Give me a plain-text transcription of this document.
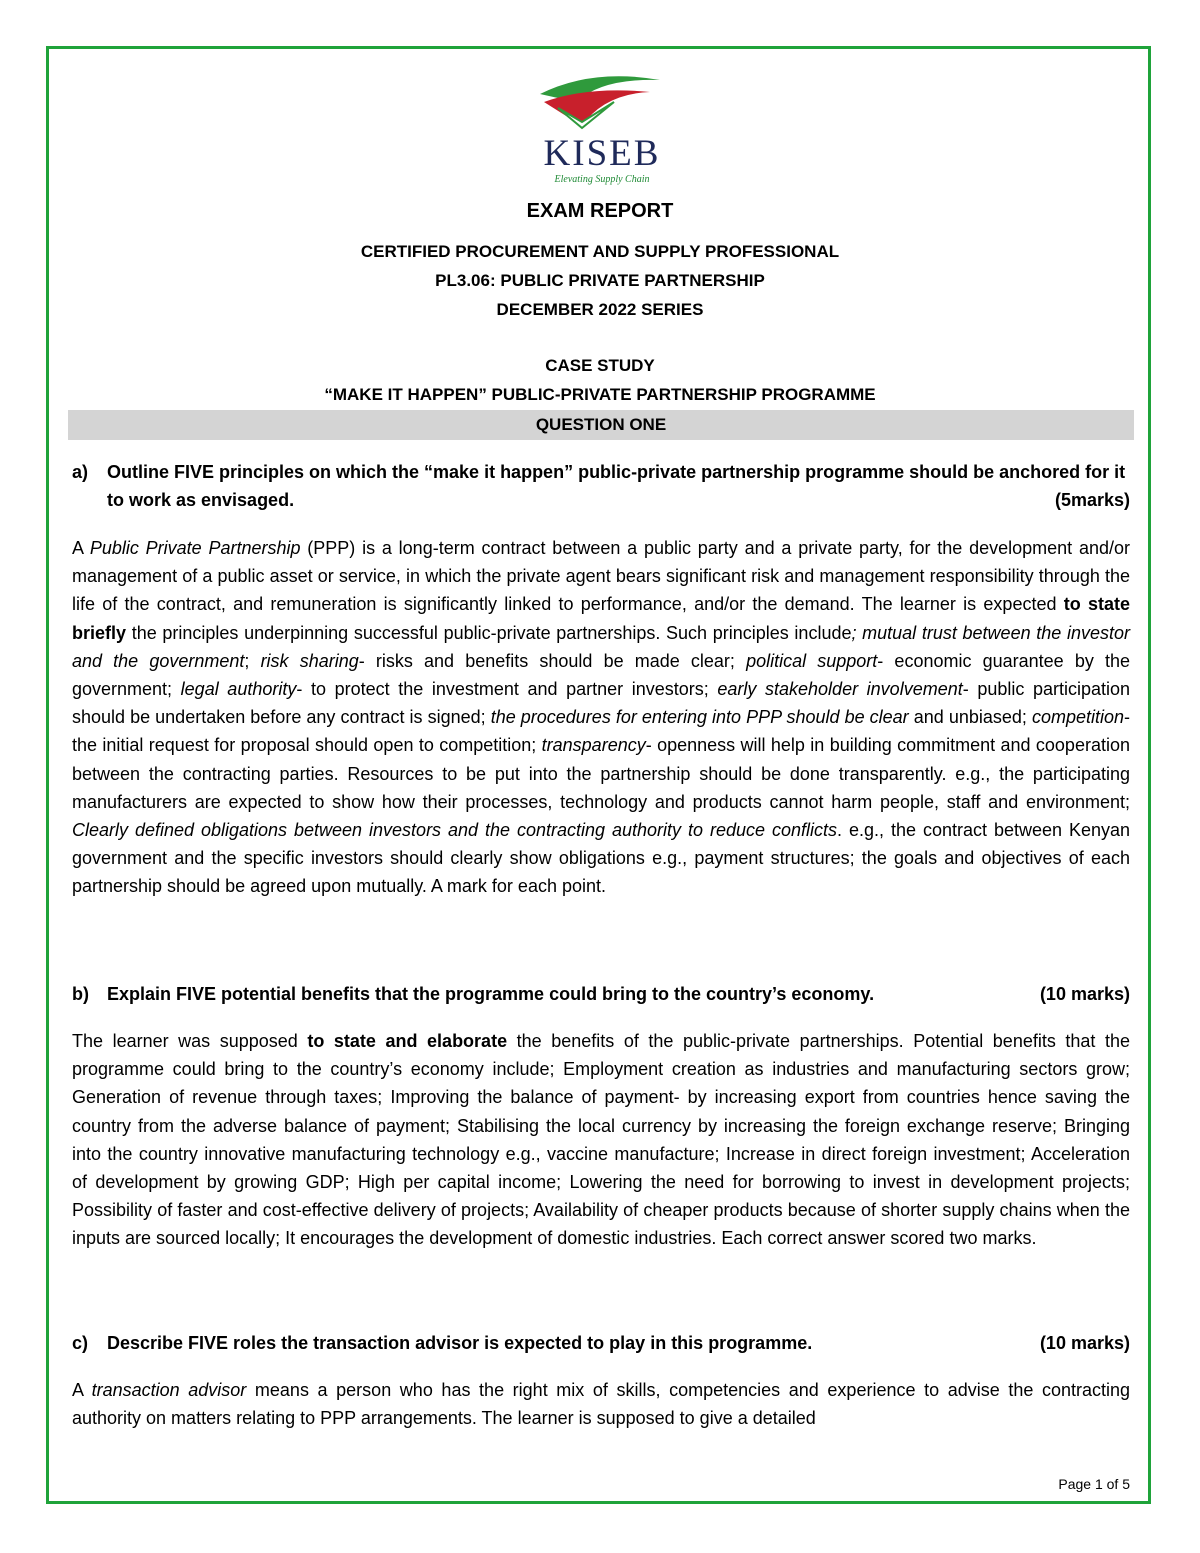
KISEB
Elevating Supply Chain
EXAM REPORT
CERTIFIED PROCUREMENT AND SUPPLY PROFESSIONAL
PL3.06: PUBLIC PRIVATE PARTNERSHIP
DECEMBER 2022 SERIES
CASE STUDY
“MAKE IT HAPPEN” PUBLIC-PRIVATE PARTNERSHIP PROGRAMME
QUESTION ONE
a) Outline FIVE principles on which the “make it happen” public-private partnership programme should be anchored for it to work as envisaged.	(5marks)
A Public Private Partnership (PPP) is a long-term contract between a public party and a private party, for the development and/or management of a public asset or service, in which the private agent bears significant risk and management responsibility through the life of the contract, and remuneration is significantly linked to performance, and/or the demand. The learner is expected to state briefly the principles underpinning successful public-private partnerships. Such principles include; mutual trust between the investor and the government; risk sharing- risks and benefits should be made clear; political support- economic guarantee by the government; legal authority- to protect the investment and partner investors; early stakeholder involvement- public participation should be undertaken before any contract is signed; the procedures for entering into PPP should be clear and unbiased; competition- the initial request for proposal should open to competition; transparency- openness will help in building commitment and cooperation between the contracting parties. Resources to be put into the partnership should be done transparently. e.g., the participating manufacturers are expected to show how their processes, technology and products cannot harm people, staff and environment; Clearly defined obligations between investors and the contracting authority to reduce conflicts. e.g., the contract between Kenyan government and the specific investors should clearly show obligations e.g., payment structures; the goals and objectives of each partnership should be agreed upon mutually. A mark for each point.
b) Explain FIVE potential benefits that the programme could bring to the country’s economy.	(10 marks)
The learner was supposed to state and elaborate the benefits of the public-private partnerships. Potential benefits that the programme could bring to the country’s economy include; Employment creation as industries and manufacturing sectors grow; Generation of revenue through taxes; Improving the balance of payment- by increasing export from countries hence saving the country from the adverse balance of payment; Stabilising the local currency by increasing the foreign exchange reserve; Bringing into the country innovative manufacturing technology e.g., vaccine manufacture; Increase in direct foreign investment; Acceleration of development by growing GDP; High per capital income; Lowering the need for borrowing to invest in development projects; Possibility of faster and cost-effective delivery of projects; Availability of cheaper products because of shorter supply chains when the inputs are sourced locally; It encourages the development of domestic industries. Each correct answer scored two marks.
c) Describe FIVE roles the transaction advisor is expected to play in this programme.	(10 marks)
A transaction advisor means a person who has the right mix of skills, competencies and experience to advise the contracting authority on matters relating to PPP arrangements. The learner is supposed to give a detailed
Page 1 of 5
